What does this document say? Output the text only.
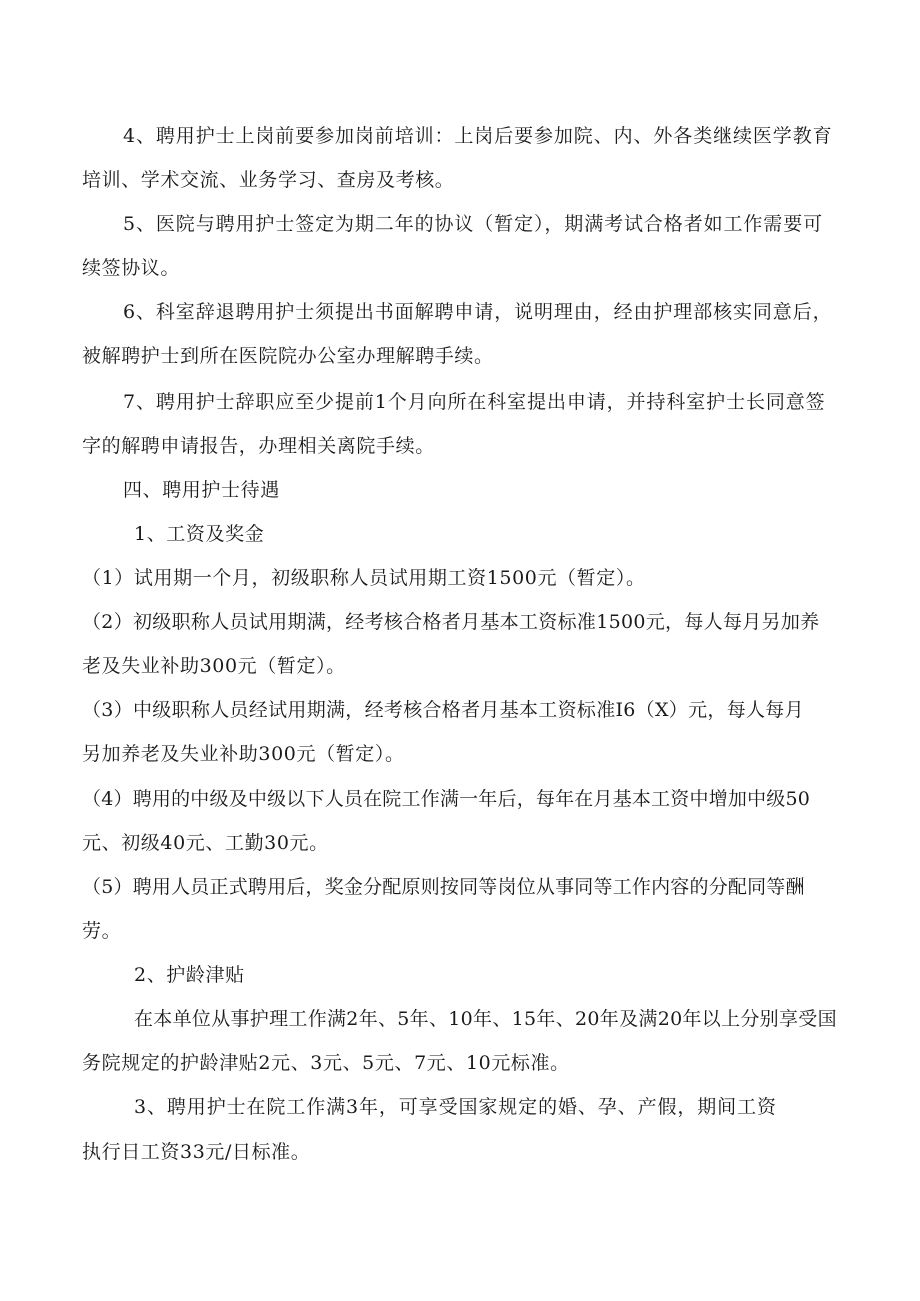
4、聘用护士上岗前要参加岗前培训：上岗后要参加院、内、外各类继续医学教育
培训、学术交流、业务学习、查房及考核。
5、医院与聘用护士签定为期二年的协议（暂定），期满考试合格者如工作需要可
续签协议。
6、科室辞退聘用护士须提出书面解聘申请，说明理由，经由护理部核实同意后，
被解聘护士到所在医院院办公室办理解聘手续。
7、聘用护士辞职应至少提前1个月向所在科室提出申请，并持科室护士长同意签
字的解聘申请报告，办理相关离院手续。
四、聘用护士待遇
1、工资及奖金
（1）试用期一个月，初级职称人员试用期工资1500元（暂定）。
（2）初级职称人员试用期满，经考核合格者月基本工资标准1500元，每人每月另加养
老及失业补助300元（暂定）。
（3）中级职称人员经试用期满，经考核合格者月基本工资标准I6（X）元，每人每月
另加养老及失业补助300元（暂定）。
（4）聘用的中级及中级以下人员在院工作满一年后，每年在月基本工资中增加中级50
元、初级40元、工勤30元。
（5）聘用人员正式聘用后，奖金分配原则按同等岗位从事同等工作内容的分配同等酬
劳。
2、护龄津贴
在本单位从事护理工作满2年、5年、10年、15年、20年及满20年以上分别享受国
务院规定的护龄津贴2元、3元、5元、7元、10元标准。
3、聘用护士在院工作满3年，可享受国家规定的婚、孕、产假，期间工资
执行日工资33元/日标准。
